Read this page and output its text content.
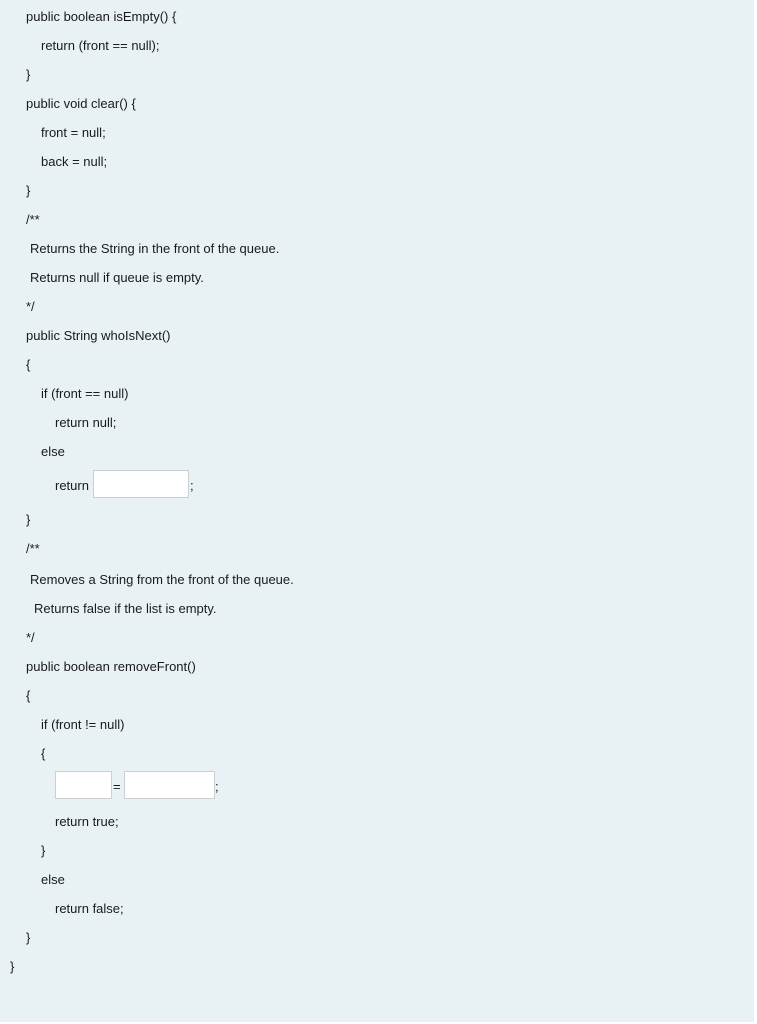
public boolean isEmpty() {
return (front == null);
}
public void clear() {
front = null;
back = null;
}
/**
Returns the String in the front of the queue.
Returns null if queue is empty.
*/
public String whoIsNext()
{
if (front == null)
return null;
else
return	;
}
/**
Removes a String from the front of the queue.
Returns false if the list is empty.
*/
public boolean removeFront()
{
if (front != null)
{
=	;
return true;
}
else
return false;
}
}
